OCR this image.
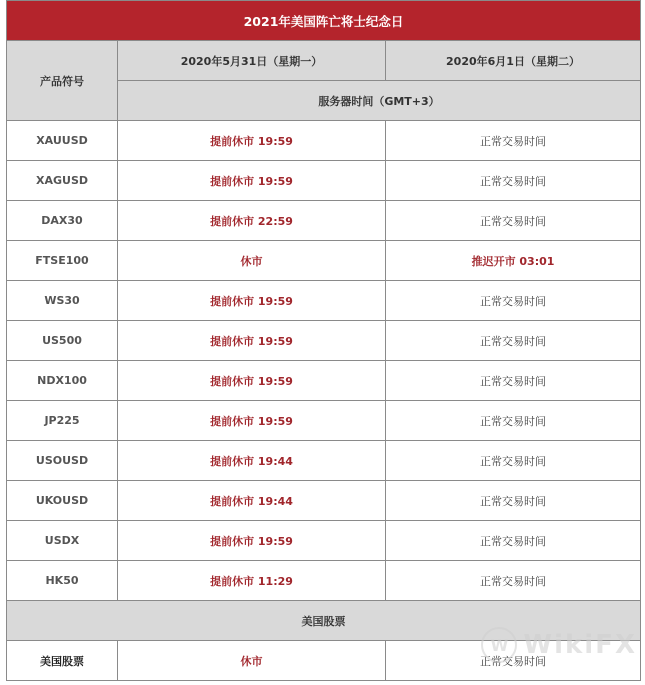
2021年美国阵亡将士纪念日		
产品符号	2020年5月31日（星期一）	2020年6月1日（星期二）
	服务器时间（GMT+3）	
XAUUSD	提前休市 19:59	正常交易时间
XAGUSD	提前休市 19:59	正常交易时间
DAX30	提前休市 22:59	正常交易时间
FTSE100	休市	推迟开市 03:01
WS30	提前休市 19:59	正常交易时间
US500	提前休市 19:59	正常交易时间
NDX100	提前休市 19:59	正常交易时间
JP225	提前休市 19:59	正常交易时间
USOUSD	提前休市 19:44	正常交易时间
UKOUSD	提前休市 19:44	正常交易时间
USDX	提前休市 19:59	正常交易时间
HK50	提前休市 11:29	正常交易时间
美国股票		
美国股票	休市	正常交易时间
W WikiFX
